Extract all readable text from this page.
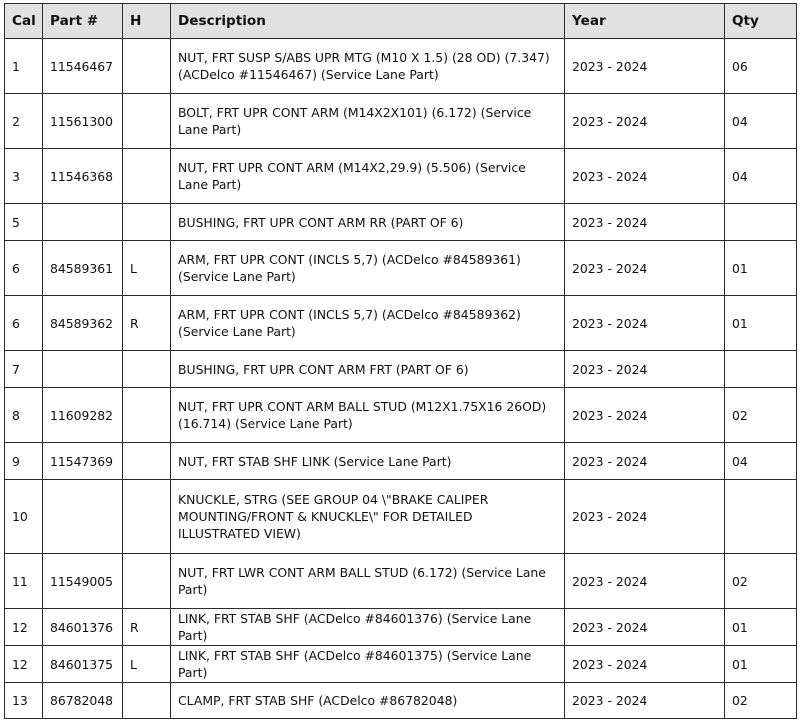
Cal	Part #	H	Description	Year	Qty
1	11546467		NUT, FRT SUSP S/ABS UPR MTG (M10 X 1.5) (28 OD) (7.347) (ACDelco #11546467) (Service Lane Part)	2023 - 2024	06
2	11561300		BOLT, FRT UPR CONT ARM (M14X2X101) (6.172) (Service Lane Part)	2023 - 2024	04
3	11546368		NUT, FRT UPR CONT ARM (M14X2,29.9) (5.506) (Service Lane Part)	2023 - 2024	04
5			BUSHING, FRT UPR CONT ARM RR (PART OF 6)	2023 - 2024	
6	84589361	L	ARM, FRT UPR CONT (INCLS 5,7) (ACDelco #84589361) (Service Lane Part)	2023 - 2024	01
6	84589362	R	ARM, FRT UPR CONT (INCLS 5,7) (ACDelco #84589362) (Service Lane Part)	2023 - 2024	01
7			BUSHING, FRT UPR CONT ARM FRT (PART OF 6)	2023 - 2024	
8	11609282		NUT, FRT UPR CONT ARM BALL STUD (M12X1.75X16 26OD) (16.714) (Service Lane Part)	2023 - 2024	02
9	11547369		NUT, FRT STAB SHF LINK (Service Lane Part)	2023 - 2024	04
10			KNUCKLE, STRG (SEE GROUP 04 \"BRAKE CALIPER MOUNTING/FRONT & KNUCKLE\" FOR DETAILED ILLUSTRATED VIEW)	2023 - 2024	
11	11549005		NUT, FRT LWR CONT ARM BALL STUD (6.172) (Service Lane Part)	2023 - 2024	02
12	84601376	R	LINK, FRT STAB SHF (ACDelco #84601376) (Service Lane Part)	2023 - 2024	01
12	84601375	L	LINK, FRT STAB SHF (ACDelco #84601375) (Service Lane Part)	2023 - 2024	01
13	86782048		CLAMP, FRT STAB SHF (ACDelco #86782048)	2023 - 2024	02
